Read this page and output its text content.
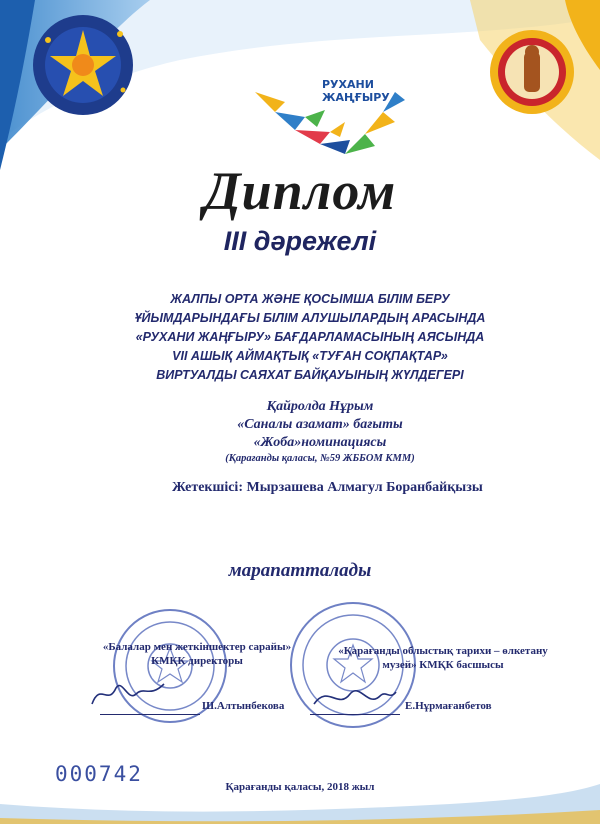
РУХАНИ
ЖАҢҒЫРУ
Диплом
III дәрежелі
ЖАЛПЫ ОРТА ЖӘНЕ ҚОСЫМША БІЛІМ БЕРУ
ҰЙЫМДАРЫНДАҒЫ БІЛІМ АЛУШЫЛАРДЫҢ АРАСЫНДА
«РУХАНИ ЖАҢҒЫРУ» БАҒДАРЛАМАСЫНЫҢ АЯСЫНДА
VII АШЫҚ АЙМАҚТЫҚ «ТУҒАН СОҚПАҚТАР»
ВИРТУАЛДЫ САЯХАТ БАЙҚАУЫНЫҢ ЖҮЛДЕГЕРІ
Қайролда Нұрым
«Саналы азамат» бағыты
«Жоба»номинациясы
(Қарағанды қаласы, №59 ЖББОМ КММ)
Жетекшісі: Мырзашева Алмагул Боранбайқызы
марапатталады
«Балалар мен жеткіншектер сарайы»
КМҚК директоры
«Қарағанды облыстық тарихи – өлкетану
музей» КМҚК басшысы
Ш.Алтынбекова	Е.Нұрмағанбетов
000742
Қарағанды қаласы, 2018 жыл
